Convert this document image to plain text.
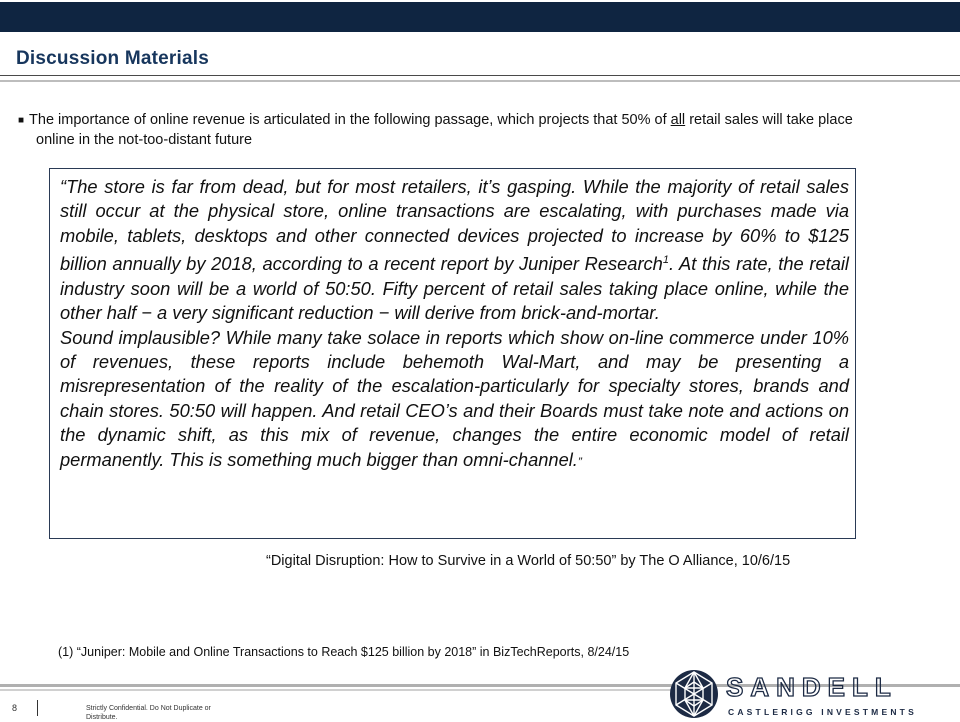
Discussion Materials
■ The importance of online revenue is articulated in the following passage, which projects that 50% of all retail sales will take place
online in the not-too-distant future

“The store is far from dead, but for most retailers, it’s gasping. While the majority of retail sales still occur at the physical store, online transactions are escalating, with purchases made via mobile, tablets, desktops and other connected devices projected to increase by 60% to $125 billion annually by 2018, according to a recent report by Juniper Research$^1$. At this rate, the retail industry soon will be a world of 50:50. Fifty percent of retail sales taking place online, while the other half − a very significant reduction − will derive from brick-and-mortar.

Sound implausible? While many take solace in reports which show on-line commerce under 10% of revenues, these reports include behemoth Wal-Mart, and may be presenting a misrepresentation of the reality of the escalation-particularly for specialty stores, brands and chain stores. 50:50 will happen. And retail CEO’s and their Boards must take note and actions on the dynamic shift, as this mix of revenue, changes the entire economic model of retail permanently. This is something much bigger than omni-channel.”

“Digital Disruption: How to Survive in a World of 50:50” by The O Alliance, 10/6/15
(1) “Juniper: Mobile and Online Transactions to Reach $125 billion by 2018” in BizTechReports, 8/24/15
8	Strictly Confidential. Do Not Duplicate or Distribute.
SANDELL
CASTLERIGG INVESTMENTS
